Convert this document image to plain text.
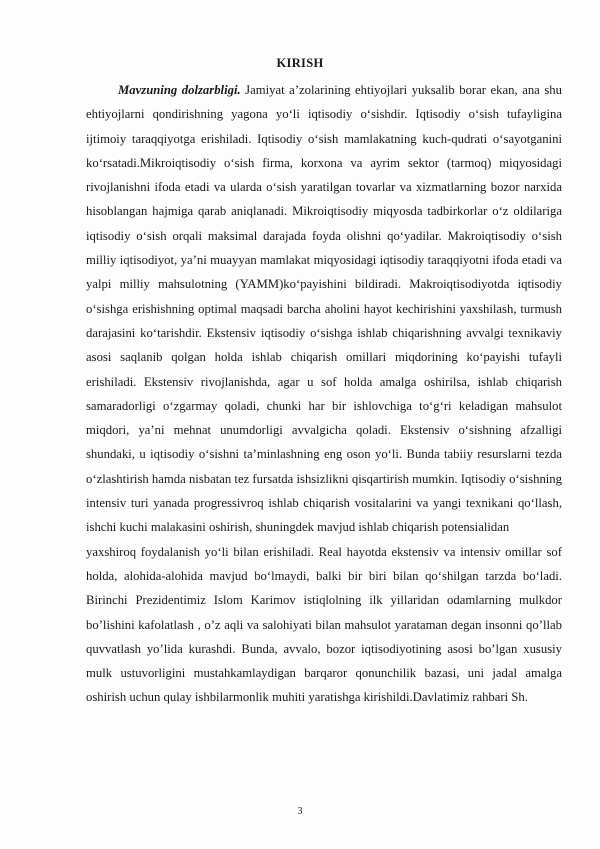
KIRISH

Mavzuning dolzarbligi. Jamiyat a’zolarining ehtiyojlari yuksalib borar ekan, ana shu ehtiyojlarni qondirishning yagona yo‘li iqtisodiy o‘sishdir. Iqtisodiy o‘sish tufayligina ijtimoiy taraqqiyotga erishiladi. Iqtisodiy o‘sish mamlakatning kuch-qudrati o‘sayotganini ko‘rsatadi.Mikroiqtisodiy o‘sish firma, korxona va ayrim sektor (tarmoq) miqyosidagi rivojlanishni ifoda etadi va ularda o‘sish yaratilgan tovarlar va xizmatlarning bozor narxida hisoblangan hajmiga qarab aniqlanadi. Mikroiqtisodiy miqyosda tadbirkorlar o‘z oldilariga iqtisodiy o‘sish orqali maksimal darajada foyda olishni qo‘yadilar. Makroiqtisodiy o‘sish milliy iqtisodiyot, ya’ni muayyan mamlakat miqyosidagi iqtisodiy taraqqiyotni ifoda etadi va yalpi milliy mahsulotning (YAMM)ko‘payishini bildiradi. Makroiqtisodiyotda iqtisodiy o‘sishga erishishning optimal maqsadi barcha aholini hayot kechirishini yaxshilash, turmush darajasini ko‘tarishdir. Ekstensiv iqtisodiy o‘sishga ishlab chiqarishning avvalgi texnikaviy asosi saqlanib qolgan holda ishlab chiqarish omillari miqdorining ko‘payishi tufayli erishiladi. Ekstensiv rivojlanishda, agar u sof holda amalga oshirilsa, ishlab chiqarish samaradorligi o‘zgarmay qoladi, chunki har bir ishlovchiga to‘g‘ri keladigan mahsulot miqdori, ya’ni mehnat unumdorligi avvalgicha qoladi. Ekstensiv o‘sishning afzalligi shundaki, u iqtisodiy o‘sishni ta’minlashning eng oson yo‘li. Bunda tabiiy resurslarni tezda o‘zlashtirish hamda nisbatan tez fursatda ishsizlikni qisqartirish mumkin. Iqtisodiy o‘sishning intensiv turi yanada progressivroq ishlab chiqarish vositalarini va yangi texnikani qo‘llash, ishchi kuchi malakasini oshirish, shuningdek mavjud ishlab chiqarish potensialidan

yaxshiroq foydalanish yo‘li bilan erishiladi. Real hayotda ekstensiv va intensiv omillar sof holda, alohida-alohida mavjud bo‘lmaydi, balki bir biri bilan qo‘shilgan tarzda bo‘ladi. Birinchi Prezidentimiz Islom Karimov istiqlolning ilk yillaridan odamlarning mulkdor bo’lishini kafolatlash , o’z aqli va salohiyati bilan mahsulot yarataman degan insonni qo’llab quvvatlash yo’lida kurashdi. Bunda, avvalo, bozor iqtisodiyotining asosi bo’lgan xususiy mulk ustuvorligini mustahkamlaydigan barqaror qonunchilik bazasi, uni jadal amalga oshirish uchun qulay ishbilarmonlik muhiti yaratishga kirishildi.Davlatimiz rahbari Sh.

3
